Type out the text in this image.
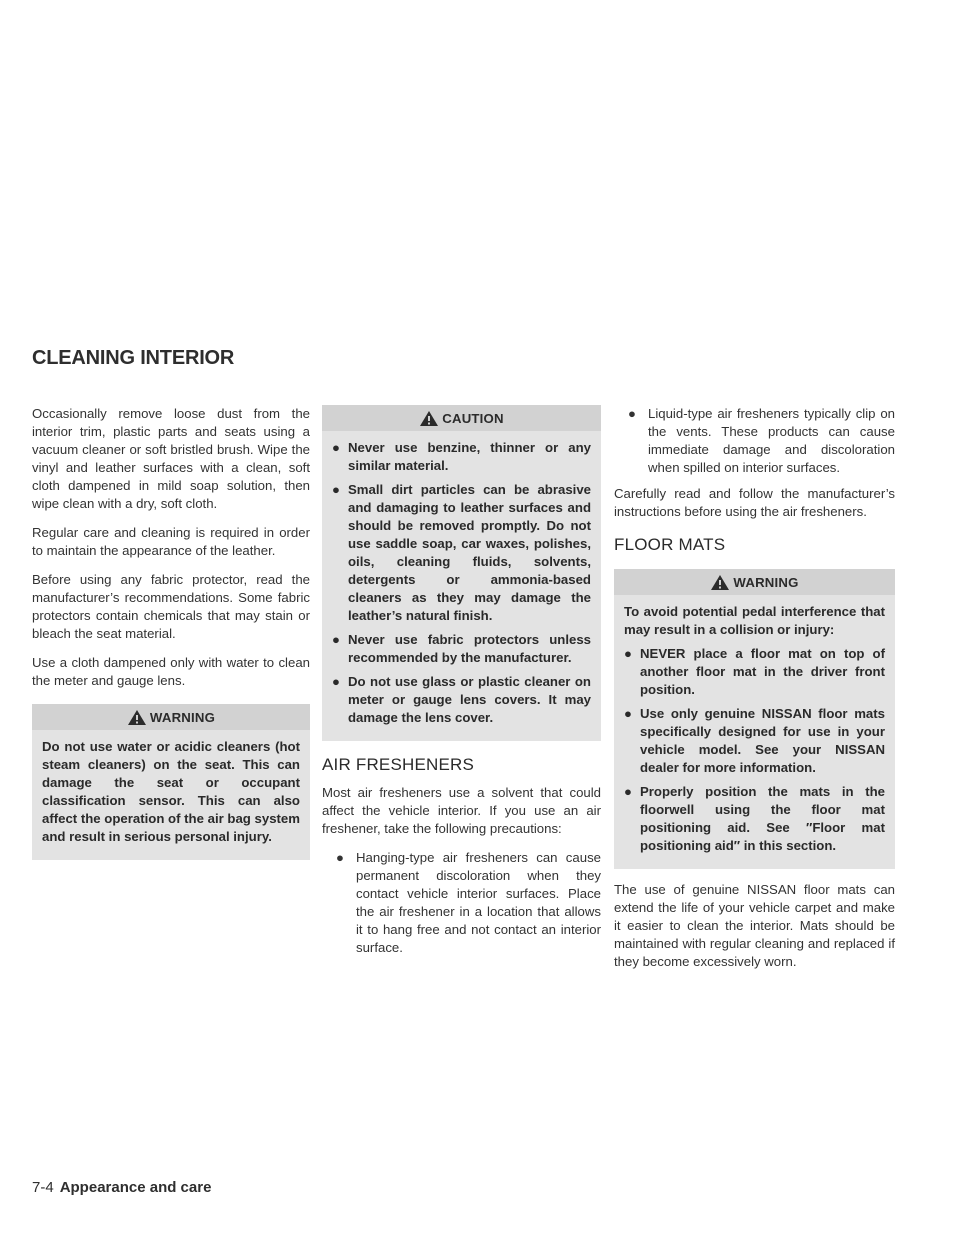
CLEANING INTERIOR

Occasionally remove loose dust from the interior trim, plastic parts and seats using a vacuum cleaner or soft bristled brush. Wipe the vinyl and leather surfaces with a clean, soft cloth dampened in mild soap solution, then wipe clean with a dry, soft cloth.

Regular care and cleaning is required in order to maintain the appearance of the leather.

Before using any fabric protector, read the manufacturer’s recommendations. Some fabric protectors contain chemicals that may stain or bleach the seat material.

Use a cloth dampened only with water to clean the meter and gauge lens.

WARNING

Do not use water or acidic cleaners (hot steam cleaners) on the seat. This can damage the seat or occupant classification sensor. This can also affect the operation of the air bag system and result in serious personal injury.

CAUTION
● Never use benzine, thinner or any similar material.
● Small dirt particles can be abrasive and damaging to leather surfaces and should be removed promptly. Do not use saddle soap, car waxes, polishes, oils, cleaning fluids, solvents, detergents or ammonia-based cleaners as they may damage the leather’s natural finish.
● Never use fabric protectors unless recommended by the manufacturer.
● Do not use glass or plastic cleaner on meter or gauge lens covers. It may damage the lens cover.
AIR FRESHENERS

Most air fresheners use a solvent that could affect the vehicle interior. If you use an air freshener, take the following precautions:

● Hanging-type air fresheners can cause permanent discoloration when they contact vehicle interior surfaces. Place the air freshener in a location that allows it to hang free and not contact an interior surface.
● Liquid-type air fresheners typically clip on the vents. These products can cause immediate damage and discoloration when spilled on interior surfaces.

Carefully read and follow the manufacturer’s instructions before using the air fresheners.

FLOOR MATS
WARNING

To avoid potential pedal interference that may result in a collision or injury:

● NEVER place a floor mat on top of another floor mat in the driver front position.
● Use only genuine NISSAN floor mats specifically designed for use in your vehicle model. See your NISSAN dealer for more information.
● Properly position the mats in the floorwell using the floor mat positioning aid. See ″Floor mat positioning aid″ in this section.

The use of genuine NISSAN floor mats can extend the life of your vehicle carpet and make it easier to clean the interior. Mats should be maintained with regular cleaning and replaced if they become excessively worn.

7-4 Appearance and care
